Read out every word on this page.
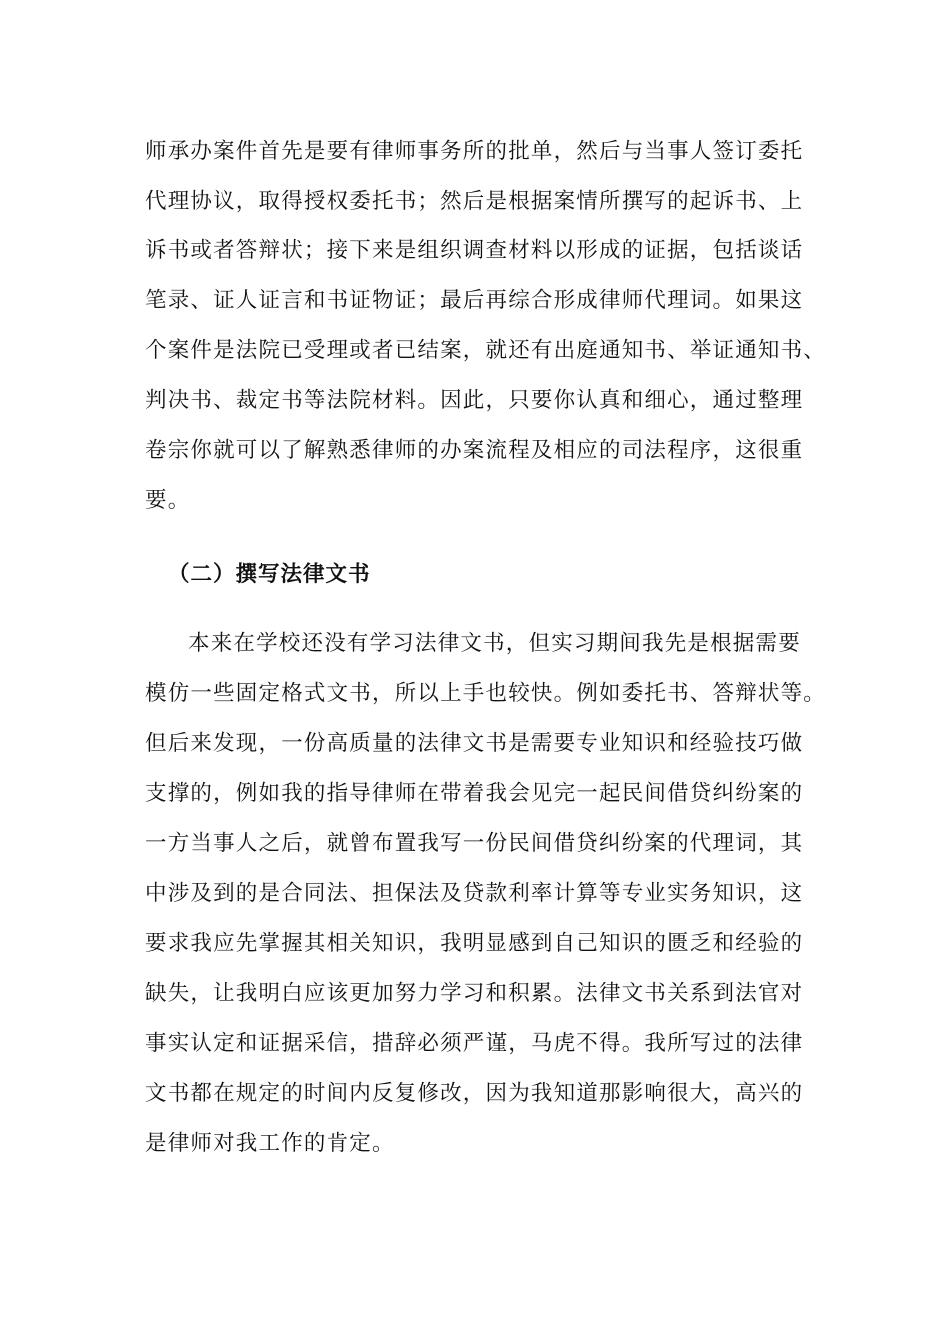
师承办案件首先是要有律师事务所的批单，然后与当事人签订委托

代理协议，取得授权委托书；然后是根据案情所撰写的起诉书、上

诉书或者答辩状；接下来是组织调查材料以形成的证据，包括谈话

笔录、证人证言和书证物证；最后再综合形成律师代理词。如果这

个案件是法院已受理或者已结案，就还有出庭通知书、举证通知书、

判决书、裁定书等法院材料。因此，只要你认真和细心，通过整理

卷宗你就可以了解熟悉律师的办案流程及相应的司法程序，这很重

要。

（二）撰写法律文书

本来在学校还没有学习法律文书，但实习期间我先是根据需要

模仿一些固定格式文书，所以上手也较快。例如委托书、答辩状等。

但后来发现，一份高质量的法律文书是需要专业知识和经验技巧做

支撑的，例如我的指导律师在带着我会见完一起民间借贷纠纷案的

一方当事人之后，就曾布置我写一份民间借贷纠纷案的代理词，其

中涉及到的是合同法、担保法及贷款利率计算等专业实务知识，这

要求我应先掌握其相关知识，我明显感到自己知识的匮乏和经验的

缺失，让我明白应该更加努力学习和积累。法律文书关系到法官对

事实认定和证据采信，措辞必须严谨，马虎不得。我所写过的法律

文书都在规定的时间内反复修改，因为我知道那影响很大，高兴的

是律师对我工作的肯定。
